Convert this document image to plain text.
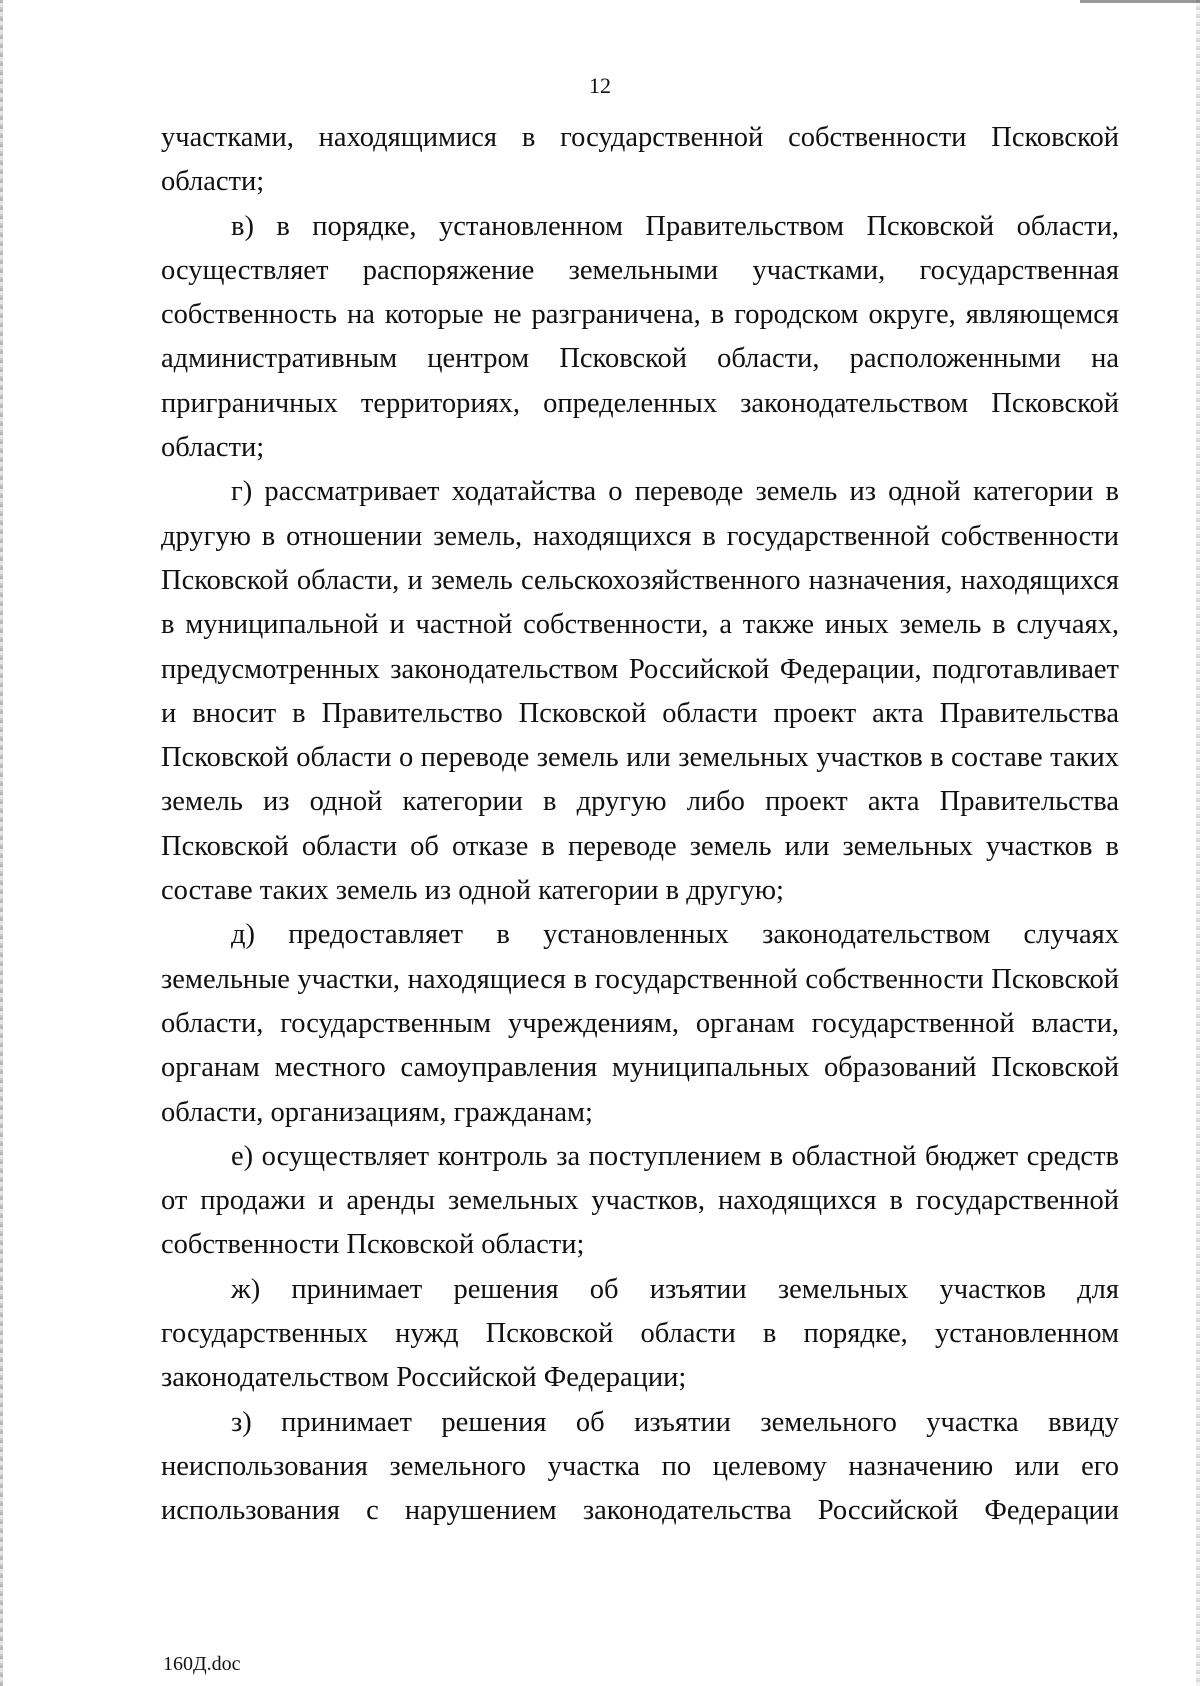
12

участками, находящимися в государственной собственности Псковской области;

в) в порядке, установленном Правительством Псковской области, осуществляет распоряжение земельными участками, государственная собственность на которые не разграничена, в городском округе, являющемся административным центром Псковской области, расположенными на приграничных территориях, определенных законодательством Псковской области;

г) рассматривает ходатайства о переводе земель из одной категории в другую в отношении земель, находящихся в государственной собственности Псковской области, и земель сельскохозяйственного назначения, находящихся в муниципальной и частной собственности, а также иных земель в случаях, предусмотренных законодательством Российской Федерации, подготавливает и вносит в Правительство Псковской области проект акта Правительства Псковской области о переводе земель или земельных участков в составе таких земель из одной категории в другую либо проект акта Правительства Псковской области об отказе в переводе земель или земельных участков в составе таких земель из одной категории в другую;

д) предоставляет в установленных законодательством случаях земельные участки, находящиеся в государственной собственности Псковской области, государственным учреждениям, органам государственной власти, органам местного самоуправления муниципальных образований Псковской области, организациям, гражданам;

е) осуществляет контроль за поступлением в областной бюджет средств от продажи и аренды земельных участков, находящихся в государственной собственности Псковской области;

ж) принимает решения об изъятии земельных участков для государственных нужд Псковской области в порядке, установленном законодательством Российской Федерации;

з) принимает решения об изъятии земельного участка ввиду неиспользования земельного участка по целевому назначению или его использования с нарушением законодательства Российской Федерации

160Д.doc
